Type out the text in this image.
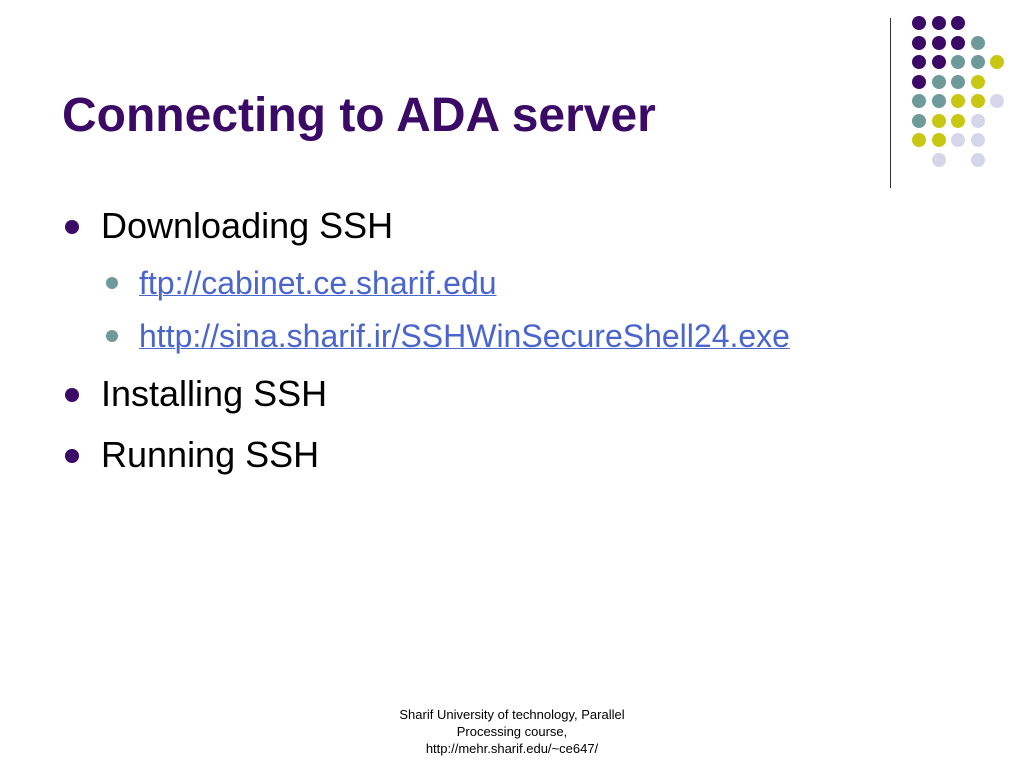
Connecting to ADA server
Downloading SSH
ftp://cabinet.ce.sharif.edu
http://sina.sharif.ir/SSHWinSecureShell24.exe
Installing SSH
Running SSH
Sharif University of technology, Parallel
Processing course,
http://mehr.sharif.edu/~ce647/
